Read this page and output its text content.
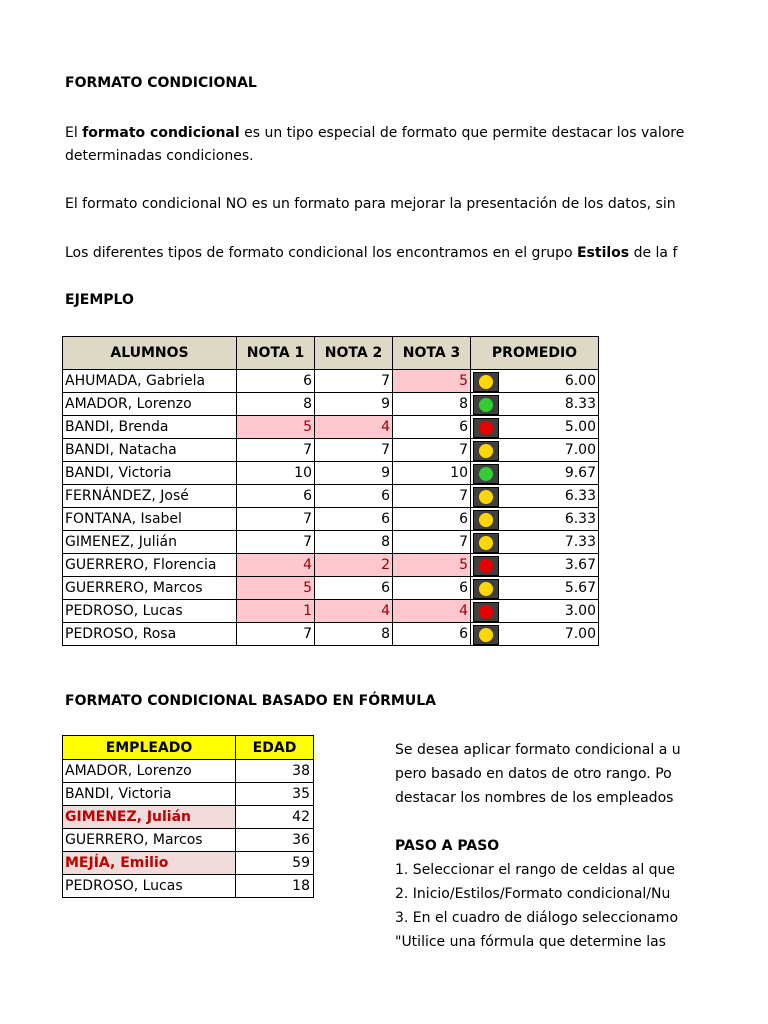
FORMATO CONDICIONAL
El formato condicional es un tipo especial de formato que permite destacar los valore
determinadas condiciones.
El formato condicional NO es un formato para mejorar la presentación de los datos, sin
Los diferentes tipos de formato condicional los encontramos en el grupo Estilos de la f
EJEMPLO
ALUMNOS	NOTA 1	NOTA 2	NOTA 3	PROMEDIO
AHUMADA, Gabriela	6	7	5	6.00
AMADOR, Lorenzo	8	9	8	8.33
BANDI, Brenda	5	4	6	5.00
BANDI, Natacha	7	7	7	7.00
BANDI, Victoria	10	9	10	9.67
FERNÁNDEZ, José	6	6	7	6.33
FONTANA, Isabel	7	6	6	6.33
GIMENEZ, Julián	7	8	7	7.33
GUERRERO, Florencia	4	2	5	3.67
GUERRERO, Marcos	5	6	6	5.67
PEDROSO, Lucas	1	4	4	3.00
PEDROSO, Rosa	7	8	6	7.00
FORMATO CONDICIONAL BASADO EN FÓRMULA
EMPLEADO	EDAD
AMADOR, Lorenzo	38
BANDI, Victoria	35
GIMENEZ, Julián	42
GUERRERO, Marcos	36
MEJÍA, Emilio	59
PEDROSO, Lucas	18
Se desea aplicar formato condicional a u
pero basado en datos de otro rango. Po
destacar los nombres de los empleados
PASO A PASO
1. Seleccionar el rango de celdas al que
2. Inicio/Estilos/Formato condicional/Nu
3. En el cuadro de diálogo seleccionamo
"Utilice una fórmula que determine las
